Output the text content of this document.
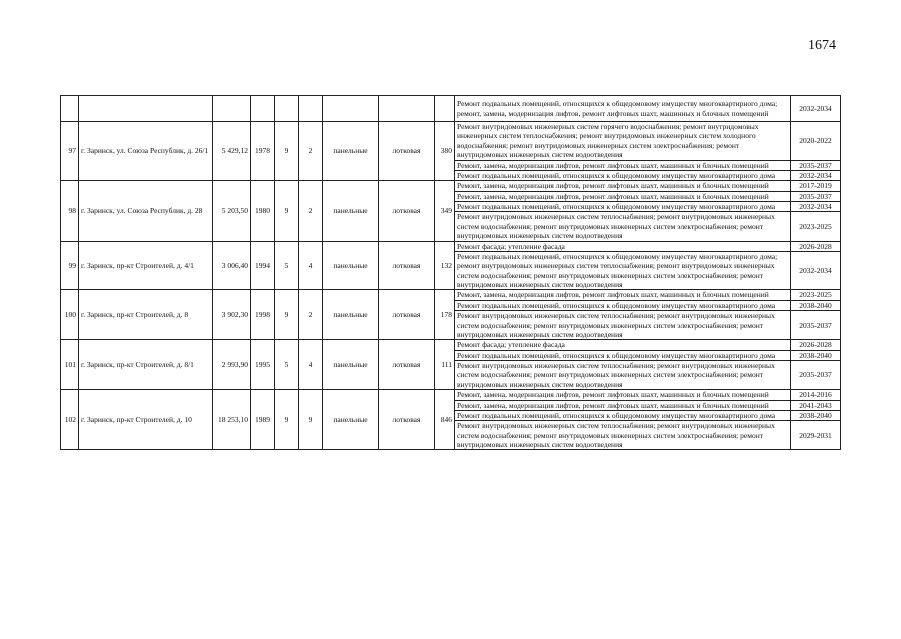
1674
									Ремонт подвальных помещений, относящихся к общедомовому имуществу многоквартирного дома; ремонт, замена, модернизация лифтов, ремонт лифтовых шахт, машинных и блочных помещений	2032-2034
97	г. Заринск, ул. Союза Республик, д. 26/1	5 429,12	1978	9	2	панельные	лотковая	380	Ремонт внутридомовых инженерных систем горячего водоснабжения; ремонт внутридомовых инженерных систем теплоснабжения; ремонт внутридомовых инженерных систем холодного водоснабжения; ремонт внутридомовых инженерных систем электроснабжения; ремонт внутридомовых инженерных систем водоотведения	2020-2022
									Ремонт, замена, модернизация лифтов, ремонт лифтовых шахт, машинных и блочных помещений	2035-2037
									Ремонт подвальных помещений, относящихся к общедомовому имуществу многоквартирного дома	2032-2034
98	г. Заринск, ул. Союза Республик, д. 28	5 203,50	1980	9	2	панельные	лотковая	349	Ремонт, замена, модернизация лифтов, ремонт лифтовых шахт, машинных и блочных помещений	2017-2019
									Ремонт, замена, модернизация лифтов, ремонт лифтовых шахт, машинных и блочных помещений	2035-2037
									Ремонт подвальных помещений, относящихся к общедомовому имуществу многоквартирного дома	2032-2034
									Ремонт внутридомовых инженерных систем теплоснабжения; ремонт внутридомовых инженерных систем водоснабжения; ремонт внутридомовых инженерных систем электроснабжения; ремонт внутридомовых инженерных систем водоотведения	2023-2025
99	г. Заринск, пр-кт Строителей, д. 4/1	3 006,40	1994	5	4	панельные	лотковая	132	Ремонт фасада; утепление фасада	2026-2028
									Ремонт подвальных помещений, относящихся к общедомовому имуществу многоквартирного дома; ремонт внутридомовых инженерных систем теплоснабжения; ремонт внутридомовых инженерных систем водоснабжения; ремонт внутридомовых инженерных систем электроснабжения; ремонт внутридомовых инженерных систем водоотведения	2032-2034
100	г. Заринск, пр-кт Строителей, д. 8	3 902,30	1998	9	2	панельные	лотковая	178	Ремонт, замена, модернизация лифтов, ремонт лифтовых шахт, машинных и блочных помещений	2023-2025
									Ремонт подвальных помещений, относящихся к общедомовому имуществу многоквартирного дома	2038-2040
									Ремонт внутридомовых инженерных систем теплоснабжения; ремонт внутридомовых инженерных систем водоснабжения; ремонт внутридомовых инженерных систем электроснабжения; ремонт внутридомовых инженерных систем водоотведения	2035-2037
101	г. Заринск, пр-кт Строителей, д. 8/1	2 993,90	1995	5	4	панельные	лотковая	111	Ремонт фасада; утепление фасада	2026-2028
									Ремонт подвальных помещений, относящихся к общедомовому имуществу многоквартирного дома	2038-2040
									Ремонт внутридомовых инженерных систем теплоснабжения; ремонт внутридомовых инженерных систем водоснабжения; ремонт внутридомовых инженерных систем электроснабжения; ремонт внутридомовых инженерных систем водоотведения	2035-2037
102	г. Заринск, пр-кт Строителей, д. 10	18 253,10	1989	9	9	панельные	лотковая	846	Ремонт, замена, модернизация лифтов, ремонт лифтовых шахт, машинных и блочных помещений	2014-2016
									Ремонт, замена, модернизация лифтов, ремонт лифтовых шахт, машинных и блочных помещений	2041-2043
									Ремонт подвальных помещений, относящихся к общедомовому имуществу многоквартирного дома	2038-2040
									Ремонт внутридомовых инженерных систем теплоснабжения; ремонт внутридомовых инженерных систем водоснабжения; ремонт внутридомовых инженерных систем электроснабжения; ремонт внутридомовых инженерных систем водоотведения	2029-2031
